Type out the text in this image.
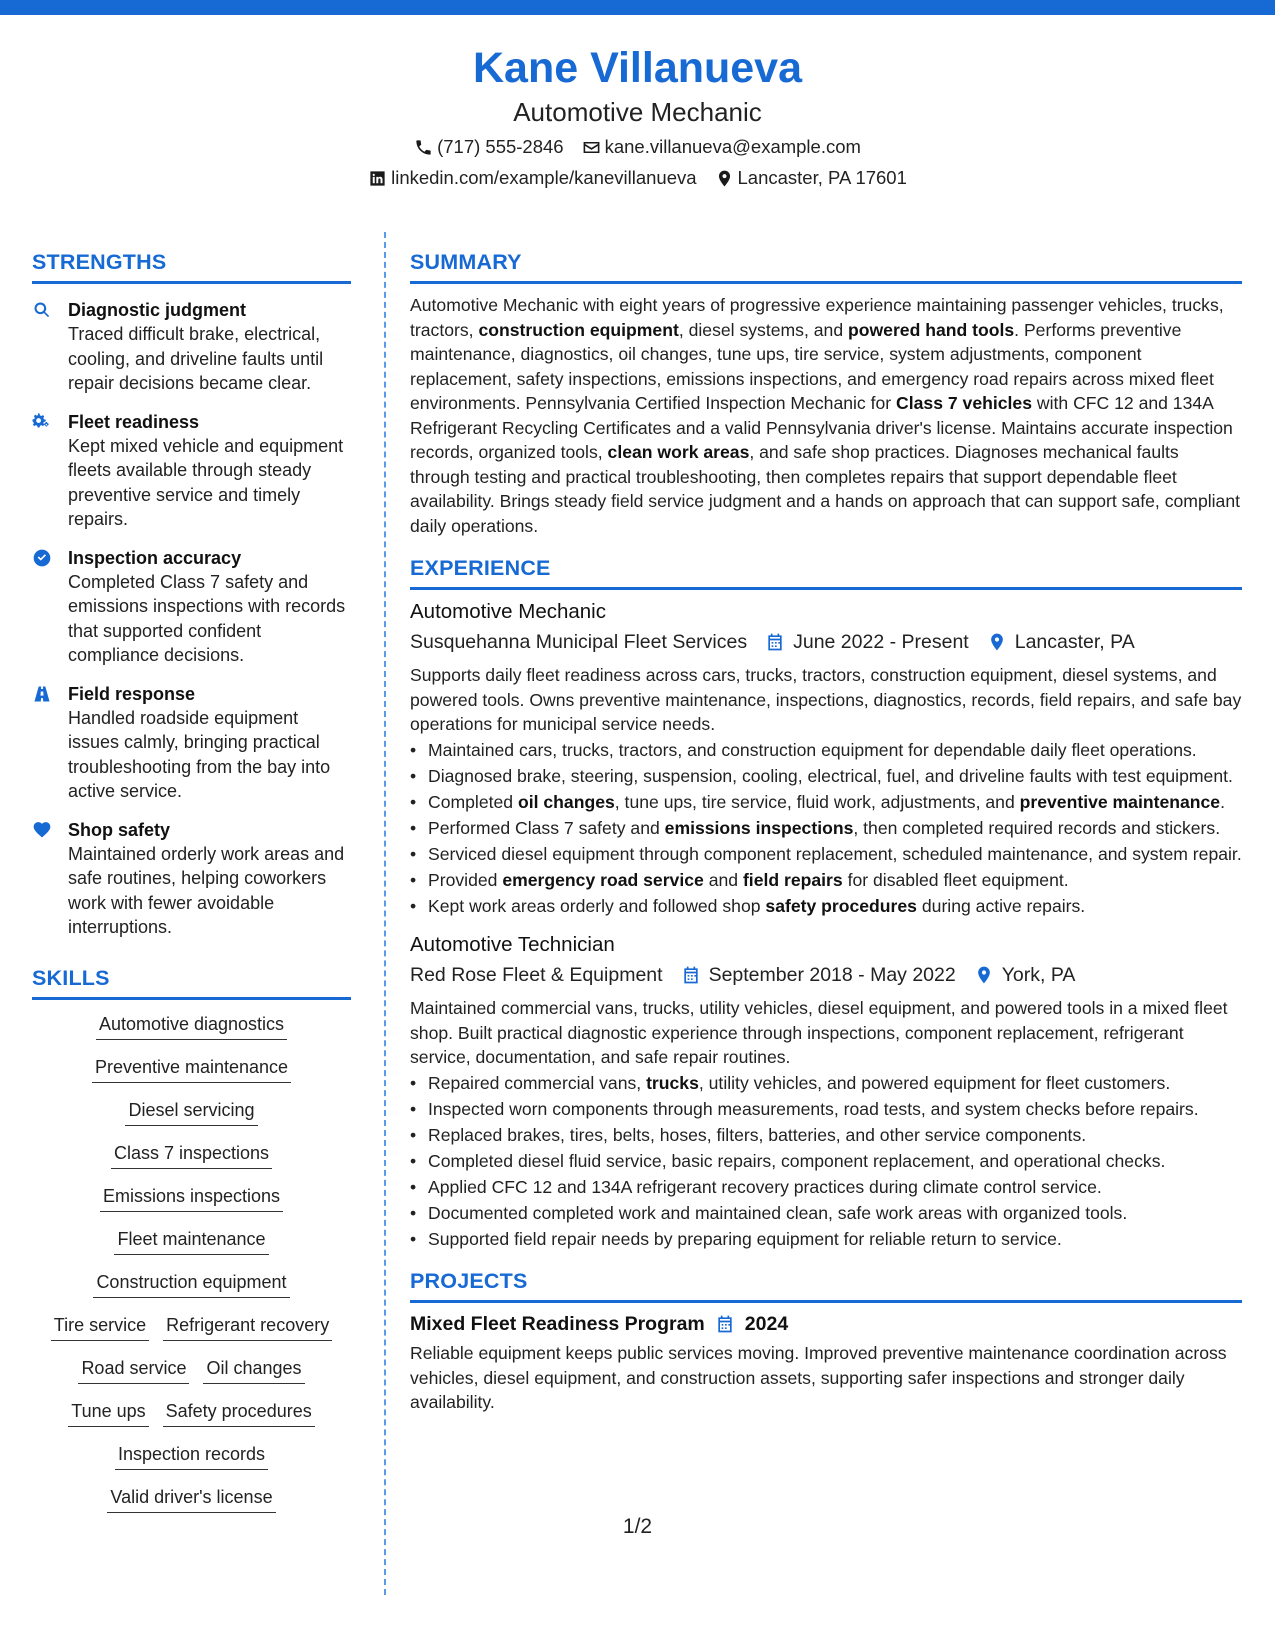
Kane Villanueva
Automotive Mechanic
(717) 555-2846 kane.villanueva@example.com
linkedin.com/example/kanevillanueva Lancaster, PA 17601
STRENGTHS
Diagnostic judgment
Traced difficult brake, electrical, cooling, and driveline faults until repair decisions became clear.
Fleet readiness
Kept mixed vehicle and equipment fleets available through steady preventive service and timely repairs.
Inspection accuracy
Completed Class 7 safety and emissions inspections with records that supported confident compliance decisions.
Field response
Handled roadside equipment issues calmly, bringing practical troubleshooting from the bay into active service.
Shop safety
Maintained orderly work areas and safe routines, helping coworkers work with fewer avoidable interruptions.
SKILLS
Automotive diagnostics
Preventive maintenance
Diesel servicing
Class 7 inspections
Emissions inspections
Fleet maintenance
Construction equipment
Tire service Refrigerant recovery
Road service Oil changes
Tune ups Safety procedures
Inspection records
Valid driver's license
SUMMARY
Automotive Mechanic with eight years of progressive experience maintaining passenger vehicles, trucks, tractors, construction equipment, diesel systems, and powered hand tools. Performs preventive maintenance, diagnostics, oil changes, tune ups, tire service, system adjustments, component replacement, safety inspections, emissions inspections, and emergency road repairs across mixed fleet environments. Pennsylvania Certified Inspection Mechanic for Class 7 vehicles with CFC 12 and 134A Refrigerant Recycling Certificates and a valid Pennsylvania driver's license. Maintains accurate inspection records, organized tools, clean work areas, and safe shop practices. Diagnoses mechanical faults through testing and practical troubleshooting, then completes repairs that support dependable fleet availability. Brings steady field service judgment and a hands on approach that can support safe, compliant daily operations.
EXPERIENCE
Automotive Mechanic
Susquehanna Municipal Fleet Services June 2022 - Present Lancaster, PA
Supports daily fleet readiness across cars, trucks, tractors, construction equipment, diesel systems, and powered tools. Owns preventive maintenance, inspections, diagnostics, records, field repairs, and safe bay operations for municipal service needs.
• Maintained cars, trucks, tractors, and construction equipment for dependable daily fleet operations.
• Diagnosed brake, steering, suspension, cooling, electrical, fuel, and driveline faults with test equipment.
• Completed oil changes, tune ups, tire service, fluid work, adjustments, and preventive maintenance.
• Performed Class 7 safety and emissions inspections, then completed required records and stickers.
• Serviced diesel equipment through component replacement, scheduled maintenance, and system repair.
• Provided emergency road service and field repairs for disabled fleet equipment.
• Kept work areas orderly and followed shop safety procedures during active repairs.
Automotive Technician
Red Rose Fleet & Equipment September 2018 - May 2022 York, PA
Maintained commercial vans, trucks, utility vehicles, diesel equipment, and powered tools in a mixed fleet shop. Built practical diagnostic experience through inspections, component replacement, refrigerant service, documentation, and safe repair routines.
• Repaired commercial vans, trucks, utility vehicles, and powered equipment for fleet customers.
• Inspected worn components through measurements, road tests, and system checks before repairs.
• Replaced brakes, tires, belts, hoses, filters, batteries, and other service components.
• Completed diesel fluid service, basic repairs, component replacement, and operational checks.
• Applied CFC 12 and 134A refrigerant recovery practices during climate control service.
• Documented completed work and maintained clean, safe work areas with organized tools.
• Supported field repair needs by preparing equipment for reliable return to service.
PROJECTS
Mixed Fleet Readiness Program 2024
Reliable equipment keeps public services moving. Improved preventive maintenance coordination across vehicles, diesel equipment, and construction assets, supporting safer inspections and stronger daily availability.
1/2
